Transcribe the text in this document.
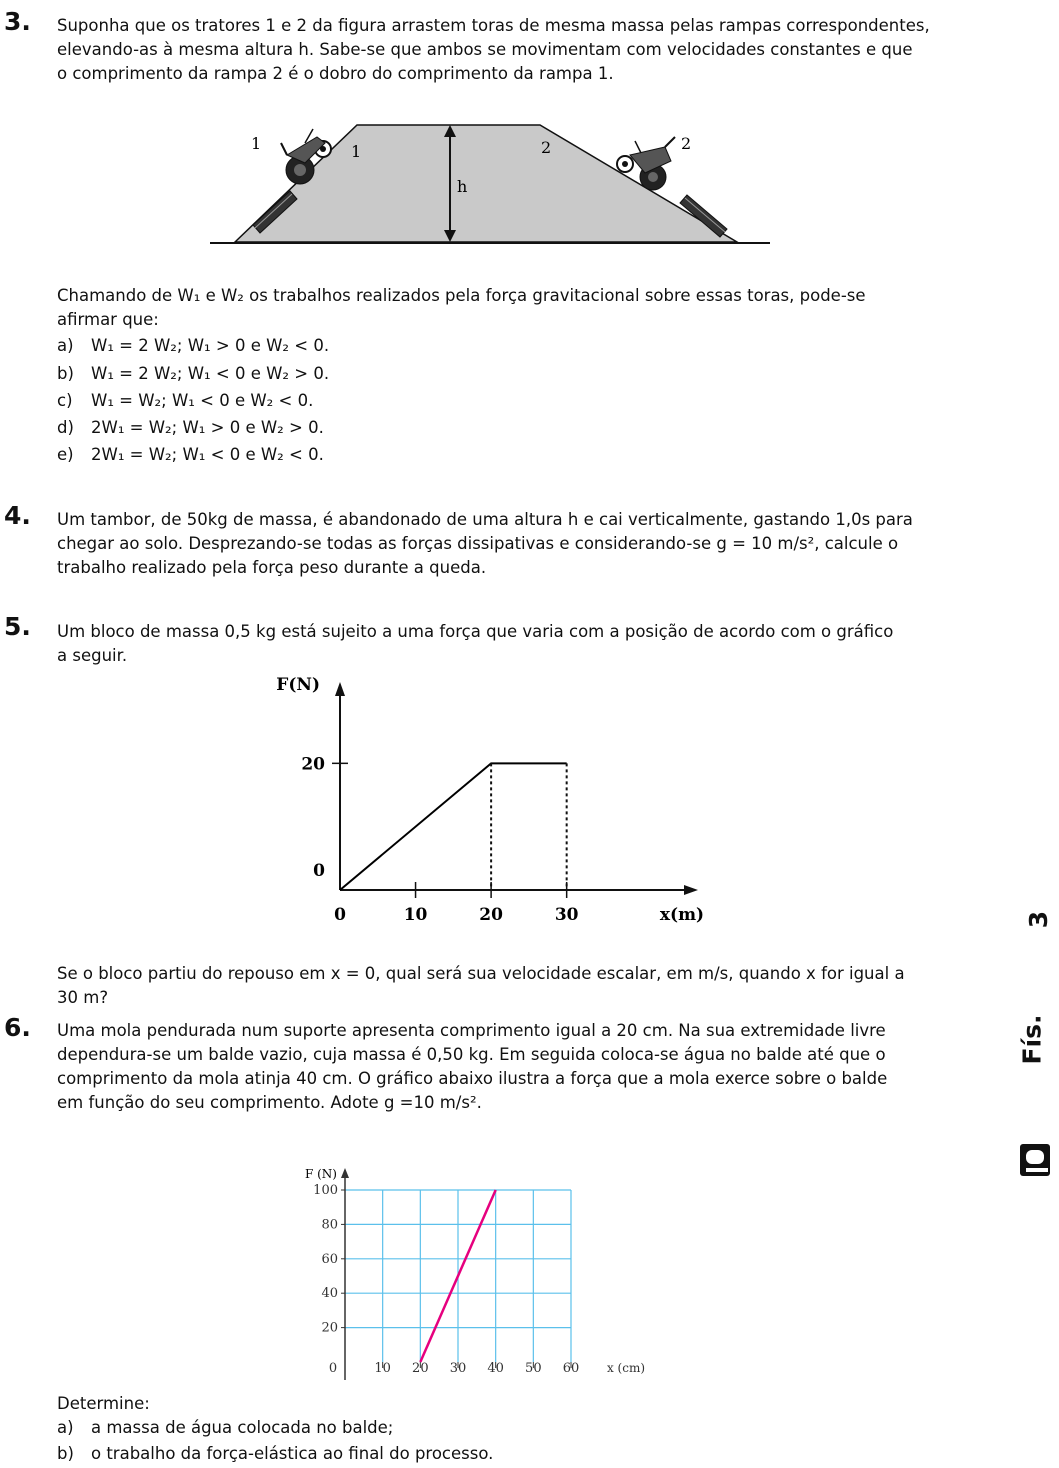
3. Suponha que os tratores 1 e 2 da figura arrastem toras de mesma massa pelas rampas correspondentes,
elevando-as à mesma altura h. Sabe-se que ambos se movimentam com velocidades constantes e que
o comprimento da rampa 2 é o dobro do comprimento da rampa 1.
h
1	2
1	2
Chamando de W₁ e W₂ os trabalhos realizados pela força gravitacional sobre essas toras, pode-se
afirmar que:
a) W₁ = 2 W₂; W₁ > 0 e W₂ < 0.
b) W₁ = 2 W₂; W₁ < 0 e W₂ > 0.
c) W₁ = W₂; W₁ < 0 e W₂ < 0.
d) 2W₁ = W₂; W₁ > 0 e W₂ > 0.
e) 2W₁ = W₂; W₁ < 0 e W₂ < 0.
4. Um tambor, de 50kg de massa, é abandonado de uma altura h e cai verticalmente, gastando 1,0s para
chegar ao solo. Desprezando-se todas as forças dissipativas e considerando-se g = 10 m/s², calcule o
trabalho realizado pela força peso durante a queda.
5. Um bloco de massa 0,5 kg está sujeito a uma força que varia com a posição de acordo com o gráfico
a seguir.
0	10	20	30
0
20
F(N)
x(m)
Se o bloco partiu do repouso em x = 0, qual será sua velocidade escalar, em m/s, quando x for igual a
30 m?
6. Uma mola pendurada num suporte apresenta comprimento igual a 20 cm. Na sua extremidade livre
dependura-se um balde vazio, cuja massa é 0,50 kg. Em seguida coloca-se água no balde até que o
comprimento da mola atinja 40 cm. O gráfico abaixo ilustra a força que a mola exerce sobre o balde
em função do seu comprimento. Adote g =10 m/s².
F (N)
20
40
60
80
100
0	10 20 30 40 50 60 x (cm)
Determine:
a) a massa de água colocada no balde;
b) o trabalho da força-elástica ao final do processo.
3
Fís.
